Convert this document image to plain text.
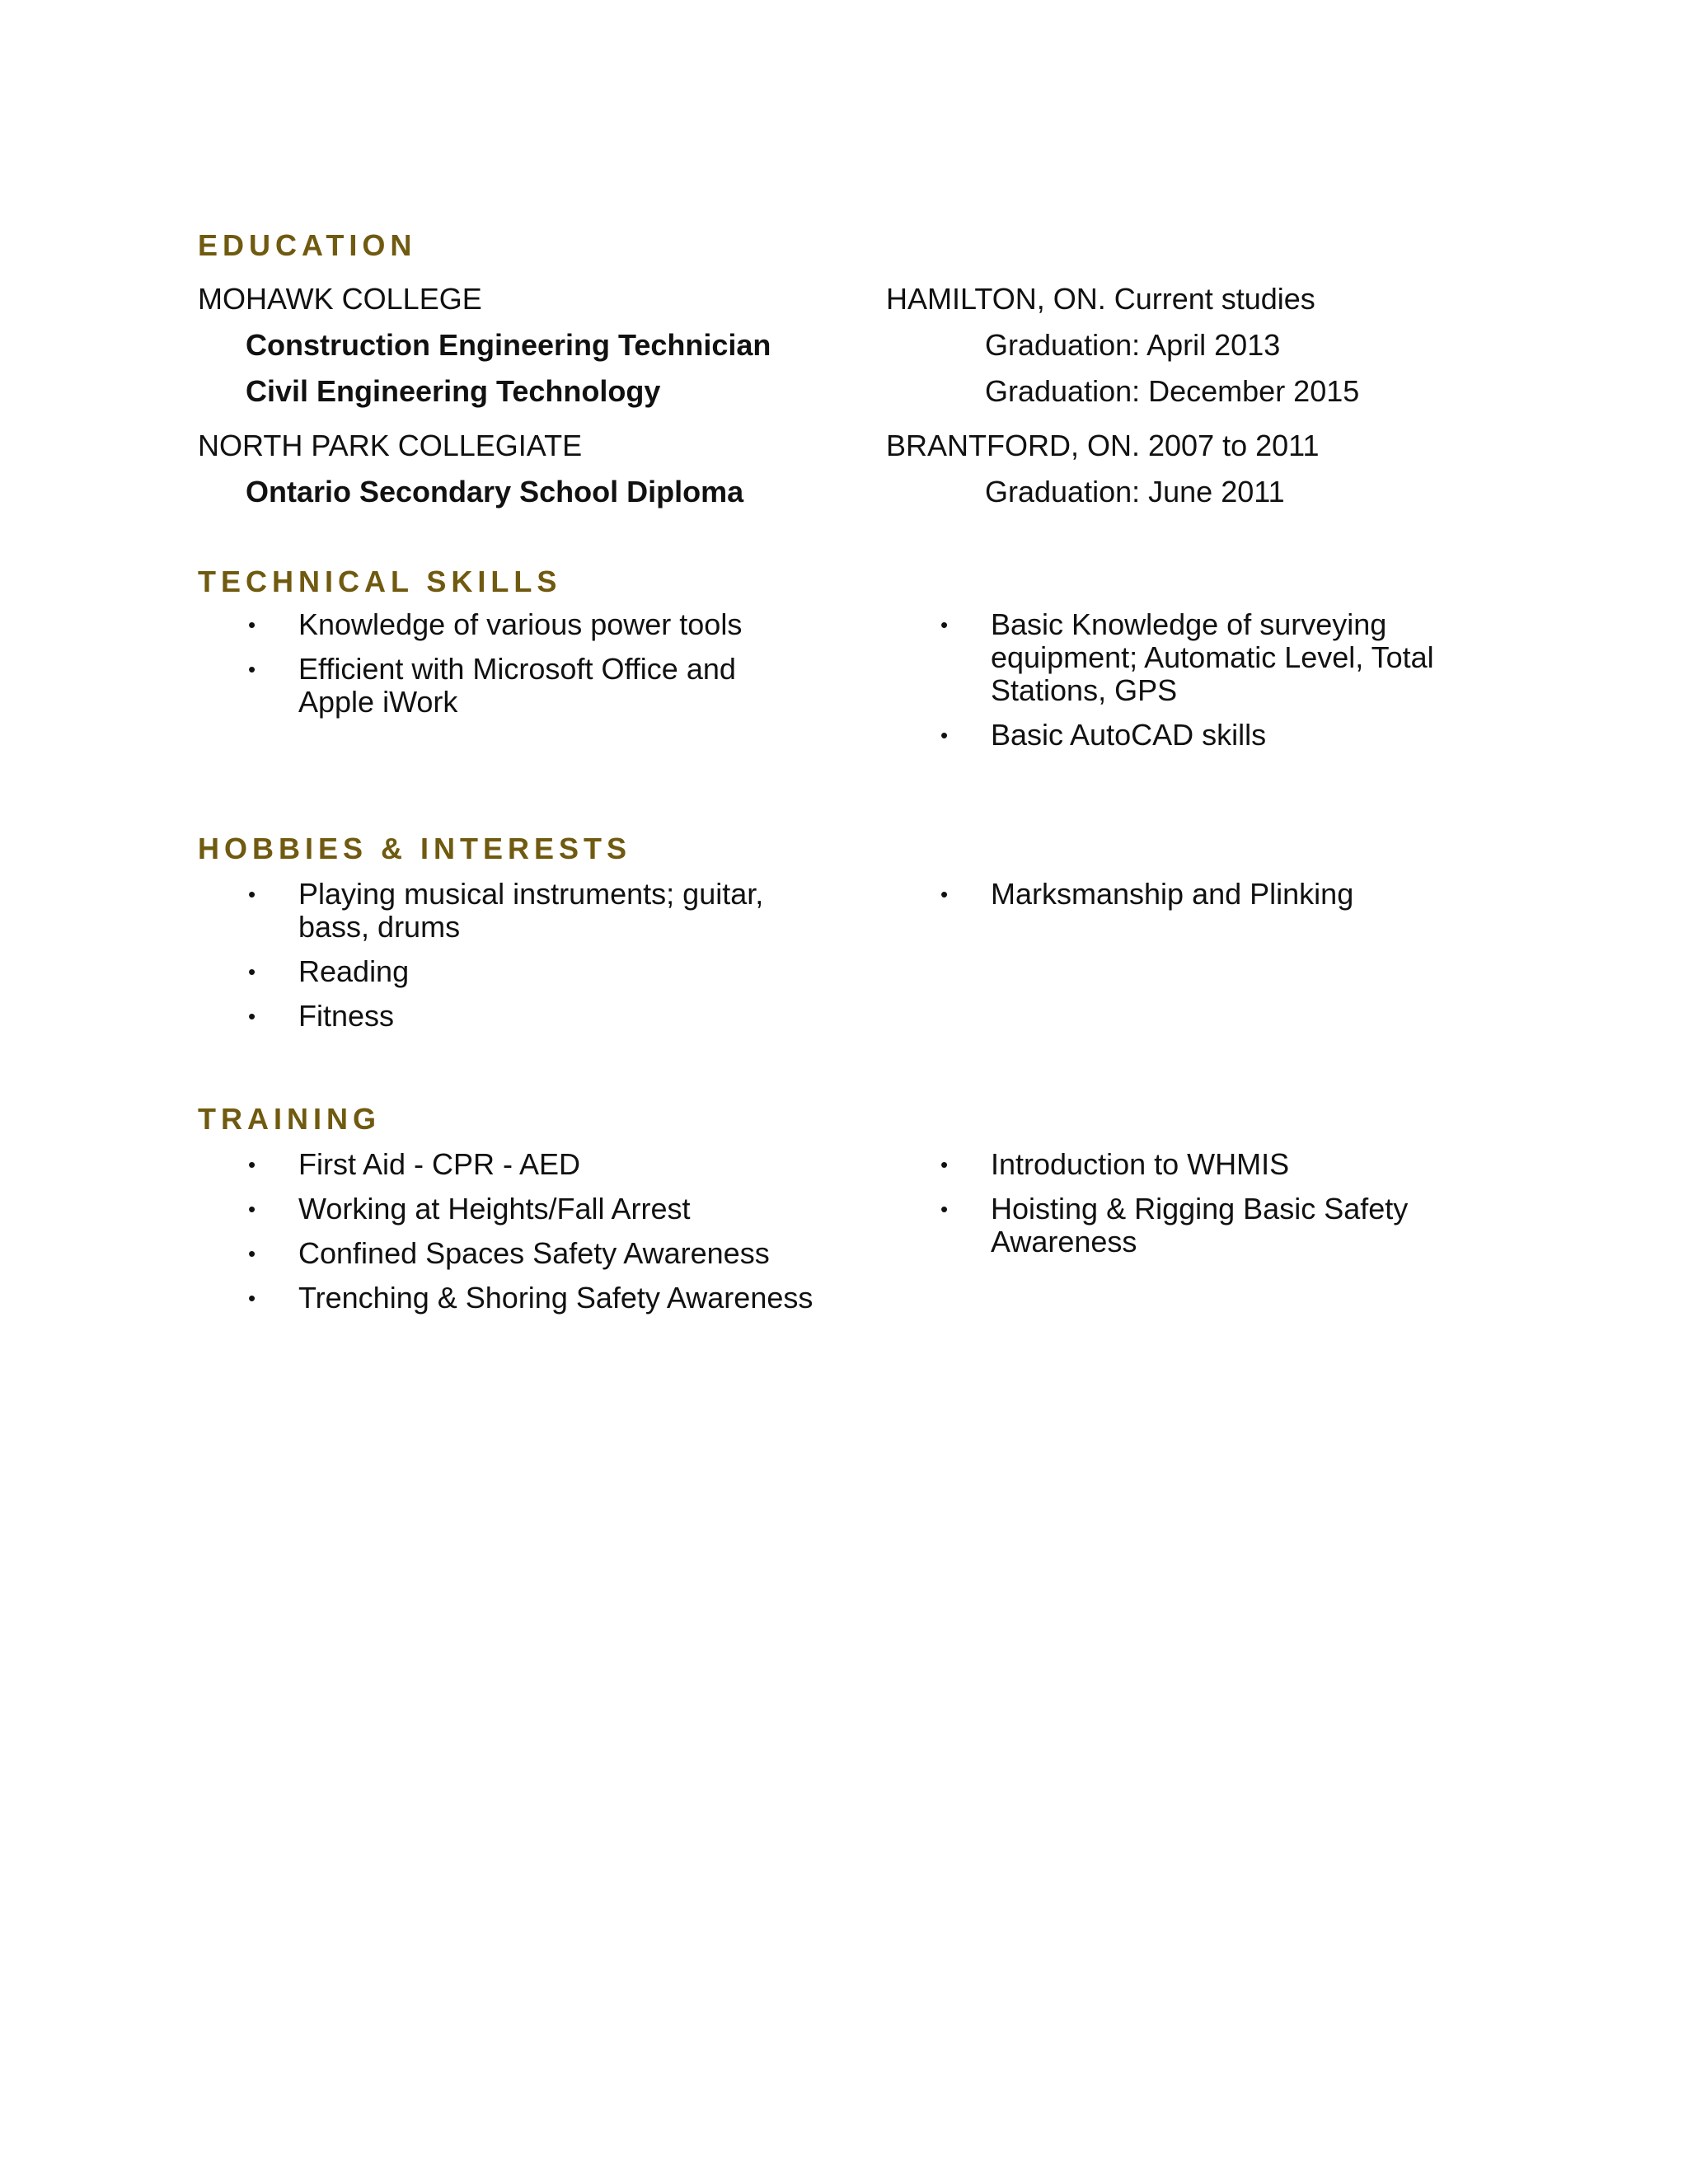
EDUCATION
MOHAWK COLLEGE	HAMILTON, ON. Current studies
Construction Engineering Technician	Graduation: April 2013
Civil Engineering Technology	Graduation: December 2015
NORTH PARK COLLEGIATE	BRANTFORD, ON. 2007 to 2011
Ontario Secondary School Diploma	Graduation: June 2011
TECHNICAL SKILLS
• Knowledge of various power tools
• Efficient with Microsoft Office and Apple iWork
• Basic Knowledge of surveying equipment; Automatic Level, Total Stations, GPS
• Basic AutoCAD skills
HOBBIES & INTERESTS
• Playing musical instruments; guitar, bass, drums
• Reading
• Fitness
• Marksmanship and Plinking
TRAINING
• First Aid - CPR - AED
• Working at Heights/Fall Arrest
• Confined Spaces Safety Awareness
• Trenching & Shoring Safety Awareness
• Introduction to WHMIS
• Hoisting & Rigging Basic Safety Awareness
